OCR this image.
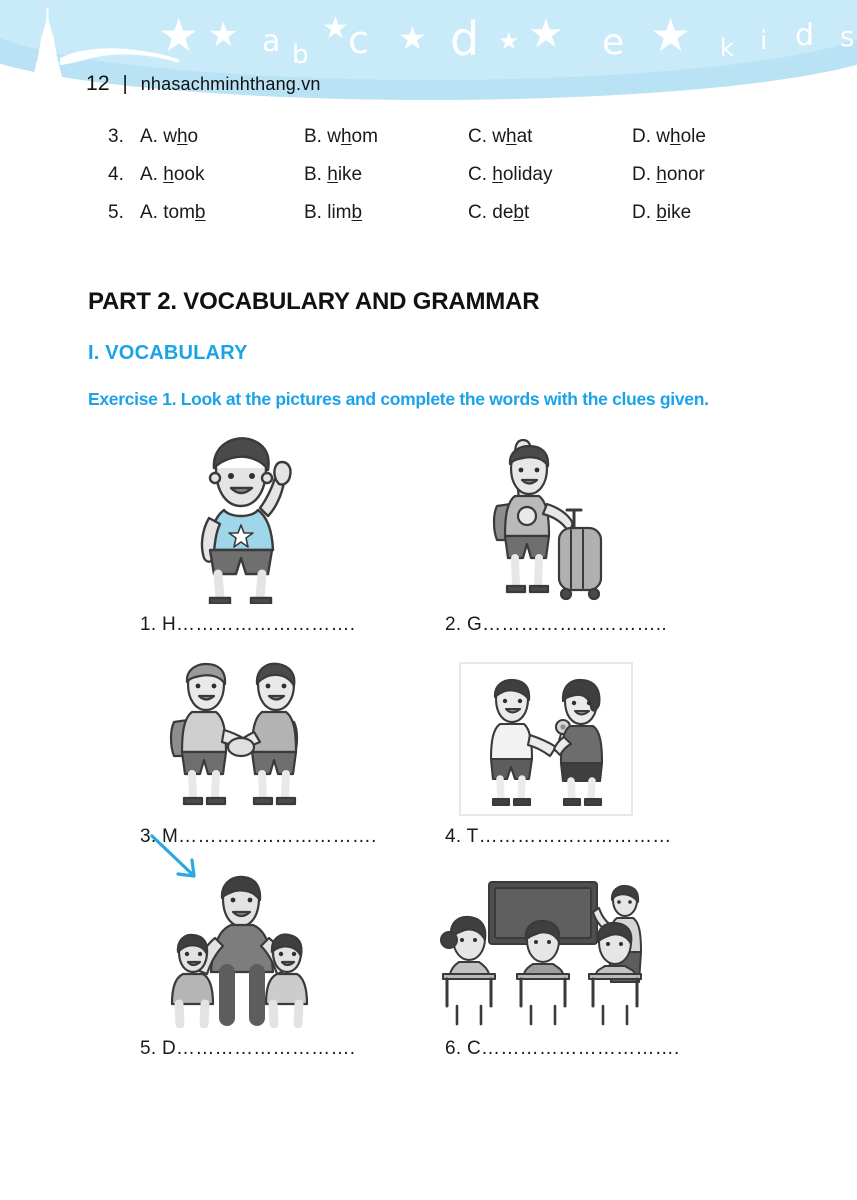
★ ★ a b
★ c ★ d ★ ★ e ★ k i d s
12 | nhasachminhthang.vn
3. A. who	B. whom	C. what	D. whole
4. A. hook	B. hike	C. holiday	D. honor
5. A. tomb	B. limb	C. debt	D. bike
PART 2. VOCABULARY AND GRAMMAR
I. VOCABULARY
Exercise 1. Look at the pictures and complete the words with the clues given.
1. H……………………….	2. G………………………..
3. M………………………….	4. T…………………………
5. D……………………….	6. C………………………….
